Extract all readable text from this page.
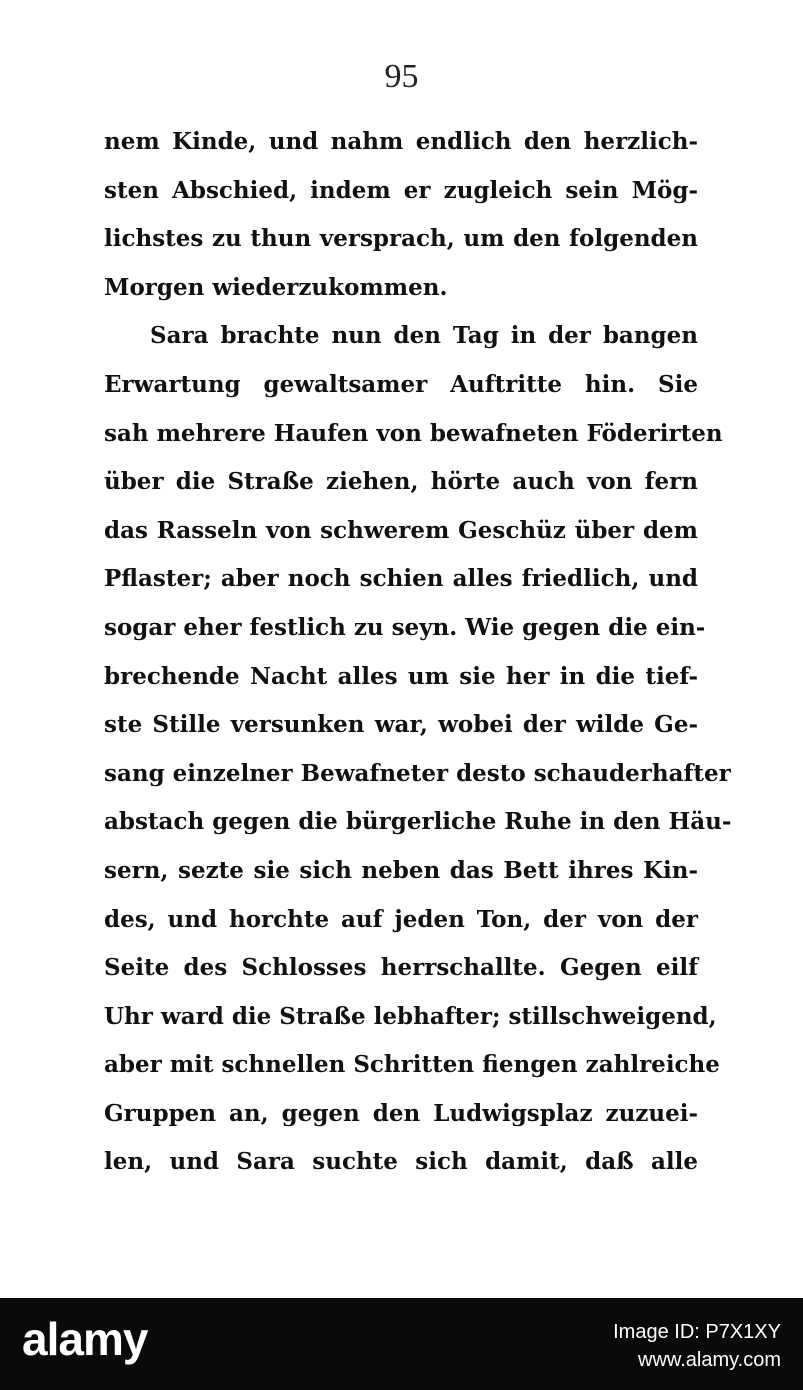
95
nem Kinde, und nahm endlich den herzlich-
sten Abschied, indem er zugleich sein Mög-
lichstes zu thun versprach, um den folgenden
Morgen wiederzukommen.
Sara brachte nun den Tag in der bangen
Erwartung gewaltsamer Auftritte hin. Sie
sah mehrere Haufen von bewafneten Föderirten
über die Straße ziehen, hörte auch von fern
das Rasseln von schwerem Geschüz über dem
Pflaster; aber noch schien alles friedlich, und
sogar eher festlich zu seyn. Wie gegen die ein-
brechende Nacht alles um sie her in die tief-
ste Stille versunken war, wobei der wilde Ge-
sang einzelner Bewafneter desto schauderhafter
abstach gegen die bürgerliche Ruhe in den Häu-
sern, sezte sie sich neben das Bett ihres Kin-
des, und horchte auf jeden Ton, der von der
Seite des Schlosses herrschallte. Gegen eilf
Uhr ward die Straße lebhafter; stillschweigend,
aber mit schnellen Schritten fiengen zahlreiche
Gruppen an, gegen den Ludwigsplaz zuzuei-
len, und Sara suchte sich damit, daß alle
alamy	Image ID: P7X1XY
www.alamy.com
